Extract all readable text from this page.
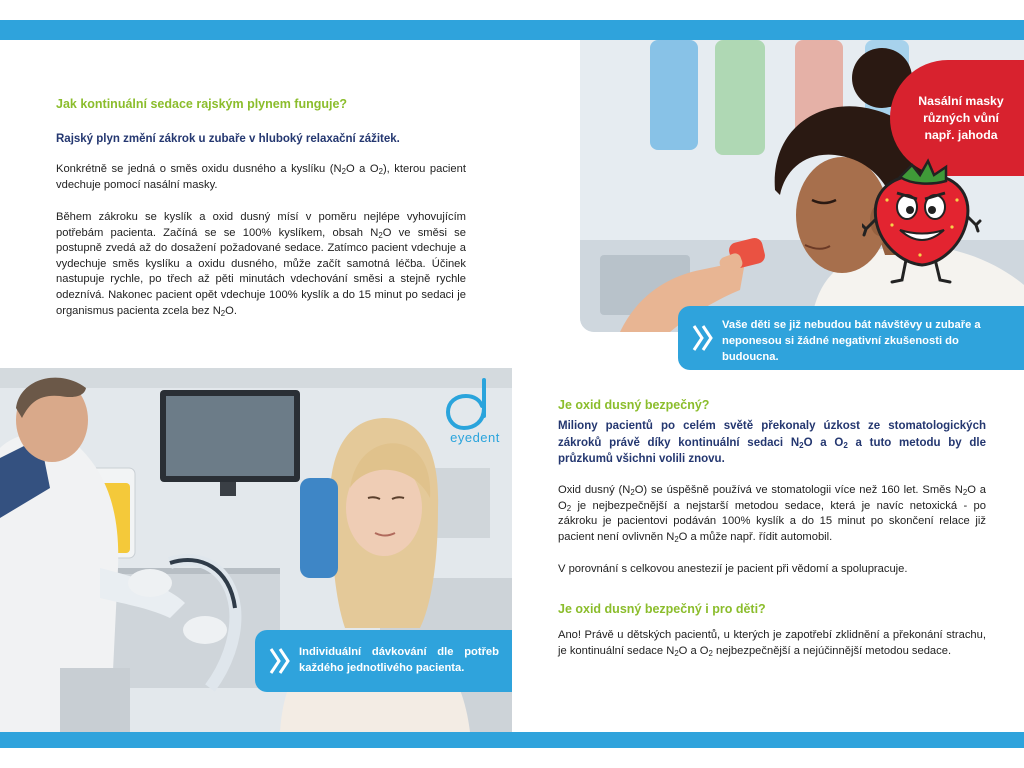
Jak kontinuální sedace rajským plynem funguje?

Rajský plyn změní zákrok u zubaře v hluboký relaxační zážitek.

Konkrétně se jedná o směs oxidu dusného a kyslíku ($N_2O$ a $O_2$), kterou pacient vdechuje pomocí nasální masky.

Během zákroku se kyslík a oxid dusný mísí v poměru nejlépe vyhovujícím potřebám pacienta. Začíná se se 100% kyslíkem, obsah $N_2O$ ve směsi se postupně zvedá až do dosažení požadované sedace. Zatímco pacient vdechuje a vydechuje směs kyslíku a oxidu dusného, může začít samotná léčba. Účinek nastupuje rychle, po třech až pěti minutách vdechování směsi a stejně rychle odeznívá. Nakonec pacient opět vdechuje 100% kyslík a do 15 minut po sedaci je organismus pacienta zcela bez $N_2O$.

Nasální masky
různých vůní
např. jahoda
Vaše děti se již nebudou bát návštěvy u zubaře a neponesou si žádné negativní zkušenosti do budoucna.
eyedent
Individuální dávkování dle potřeb každého jednotlivého pacienta.
Je oxid dusný bezpečný?

Miliony pacientů po celém světě překonaly úzkost ze stomatologických zákroků právě díky kontinuální sedaci $N_2O$ a $O_2$ a tuto metodu by dle průzkumů všichni volili znovu.

Oxid dusný $(N_2O)$ se úspěšně používá ve stomatologii více než 160 let. Směs $N_2O$ a $O_2$ je nejbezpečnější a nejstarší metodou sedace, která je navíc netoxická - po zákroku je pacientovi podáván 100% kyslík a do 15 minut po skončení relace již pacient není ovlivněn $N_2O$ a může např. řídit automobil.

V porovnání s celkovou anestezií je pacient při vědomí a spolupracuje.

Je oxid dusný bezpečný i pro děti?

Ano! Právě u dětských pacientů, u kterých je zapotřebí zklidnění a překonání strachu, je kontinuální sedace $N_2O$ a $O_2$ nejbezpečnější a nejúčinnější metodou sedace.
